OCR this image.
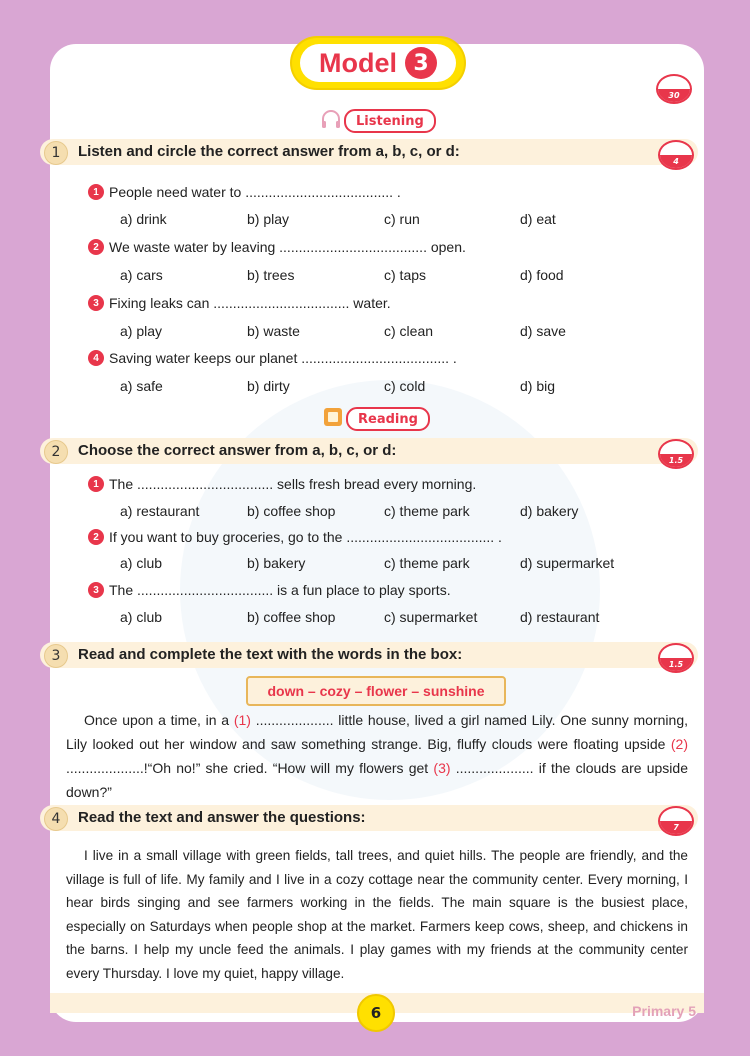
Model 3
30
Listening
1	Listen and circle the correct answer from a, b, c, or d:
4
1 People need water to ...................................... .
a) drink	b) play	c) run	d) eat
2 We waste water by leaving ...................................... open.
a) cars	b) trees	c) taps	d) food
3 Fixing leaks can ................................... water.
a) play	b) waste	c) clean	d) save
4 Saving water keeps our planet ...................................... .
a) safe	b) dirty	c) cold	d) big
Reading
2	Choose the correct answer from a, b, c, or d:
1.5
1 The ................................... sells fresh bread every morning.
a) restaurant	b) coffee shop	c) theme park	d) bakery
2 If you want to buy groceries, go to the ...................................... .
a) club	b) bakery	c) theme park	d) supermarket
3 The ................................... is a fun place to play sports.
a) club	b) coffee shop	c) supermarket	d) restaurant
3	Read and complete the text with the words in the box:
1.5
down – cozy – flower – sunshine
Once upon a time, in a (1) .................... little house, lived a girl named Lily. One sunny morning, Lily looked out her window and saw something strange. Big, fluffy clouds were floating upside (2) ....................!“Oh no!” she cried. “How will my flowers get (3) .................... if the clouds are upside down?”
4	Read the text and answer the questions:
7
I live in a small village with green fields, tall trees, and quiet hills. The people are friendly, and the village is full of life. My family and I live in a cozy cottage near the community center. Every morning, I hear birds singing and see farmers working in the fields. The main square is the busiest place, especially on Saturdays when people shop at the market. Farmers keep cows, sheep, and chickens in the barns. I help my uncle feed the animals. I play games with my friends at the community center every Thursday. I love my quiet, happy village.
6	Primary 5
